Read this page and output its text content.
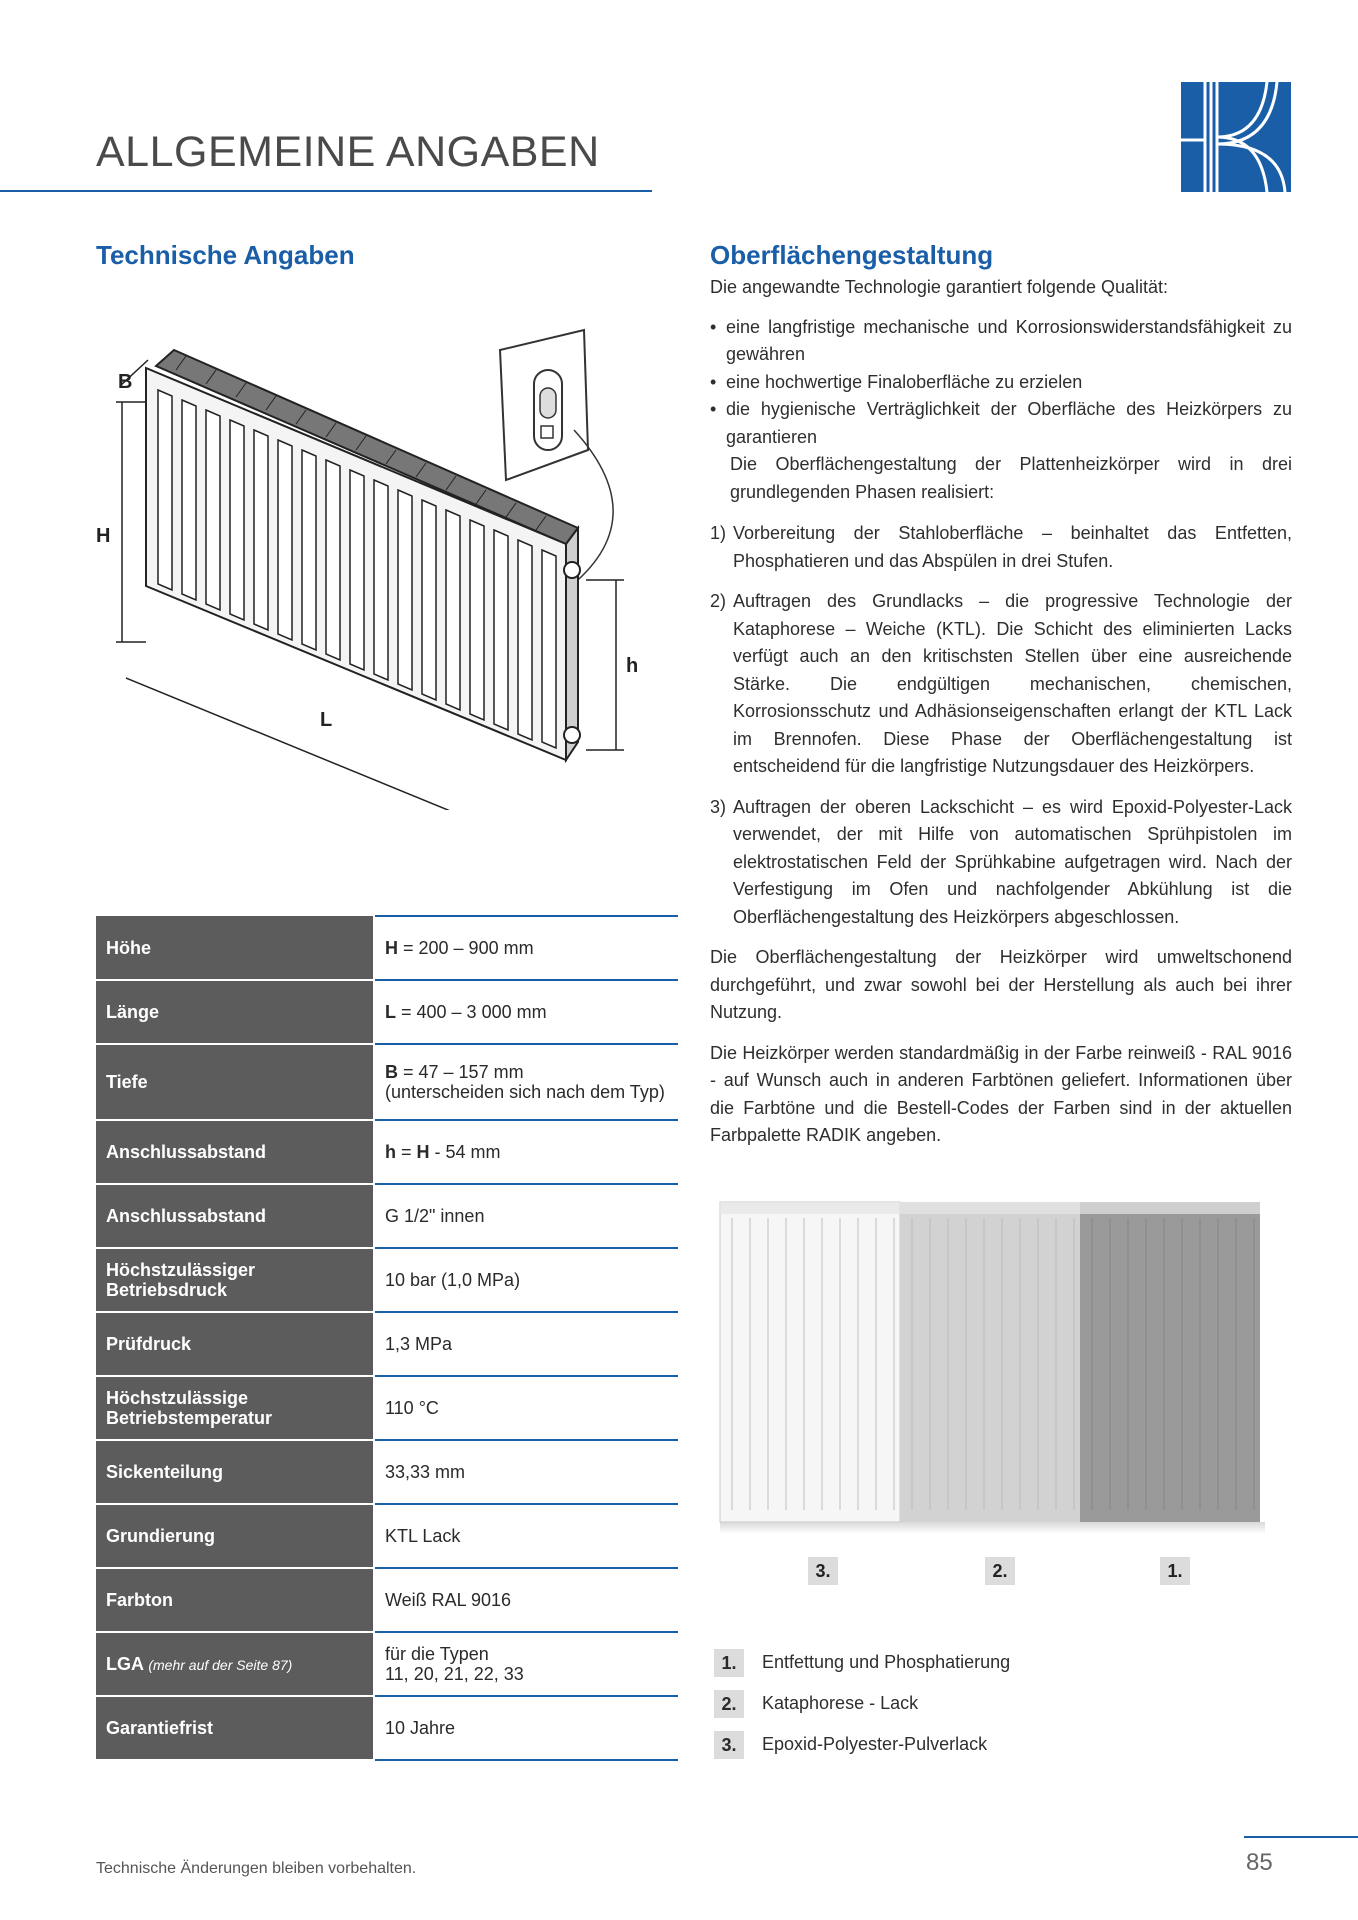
ALLGEMEINE ANGABEN
Technische Angaben
B
H
L
h
Höhe	H = 200 – 900 mm
Länge	L = 400 – 3 000 mm
Tiefe	B = 47 – 157 mm
(unterscheiden sich nach dem Typ)
Anschlussabstand	h = H - 54 mm
Anschlussabstand	G 1/2" innen
Höchstzulässiger Betriebsdruck	10 bar (1,0 MPa)
Prüfdruck	1,3 MPa
Höchstzulässige Betriebstemperatur	110 °C
Sickenteilung	33,33 mm
Grundierung	KTL Lack
Farbton	Weiß RAL 9016
LGA (mehr auf der Seite 87)	für die Typen
11, 20, 21, 22, 33
Garantiefrist	10 Jahre
Oberflächengestaltung

Die angewandte Technologie garantiert folgende Qualität:

• eine langfristige mechanische und Korrosionswiderstandsfähigkeit zu gewähren
• eine hochwertige Finaloberfläche zu erzielen
• die hygienische Verträglichkeit der Oberfläche des Heizkörpers zu garantieren

Die Oberflächengestaltung der Plattenheizkörper wird in drei grundlegenden Phasen realisiert:

1) Vorbereitung der Stahloberfläche – beinhaltet das Entfetten, Phosphatieren und das Abspülen in drei Stufen.
2) Auftragen des Grundlacks – die progressive Technologie der Kataphorese – Weiche (KTL). Die Schicht des eliminierten Lacks verfügt auch an den kritischsten Stellen über eine ausreichende Stärke. Die endgültigen mechanischen, chemischen, Korrosionsschutz und Adhäsionseigenschaften erlangt der KTL Lack im Brennofen. Diese Phase der Oberflächengestaltung ist entscheidend für die langfristige Nutzungsdauer des Heizkörpers.
3) Auftragen der oberen Lackschicht – es wird Epoxid-Polyester-Lack verwendet, der mit Hilfe von automatischen Sprühpistolen im elektrostatischen Feld der Sprühkabine aufgetragen wird. Nach der Verfestigung im Ofen und nachfolgender Abkühlung ist die Oberflächengestaltung des Heizkörpers abgeschlossen.

Die Oberflächengestaltung der Heizkörper wird umweltschonend durchgeführt, und zwar sowohl bei der Herstellung als auch bei ihrer Nutzung.

Die Heizkörper werden standardmäßig in der Farbe reinweiß - RAL 9016 - auf Wunsch auch in anderen Farbtönen geliefert. Informationen über die Farbtöne und die Bestell-Codes der Farben sind in der aktuellen Farbpalette RADIK angeben.

3.	2.	1.
1.	Entfettung und Phosphatierung
2.	Kataphorese - Lack
3.	Epoxid-Polyester-Pulverlack
Technische Änderungen bleiben vorbehalten.	85
